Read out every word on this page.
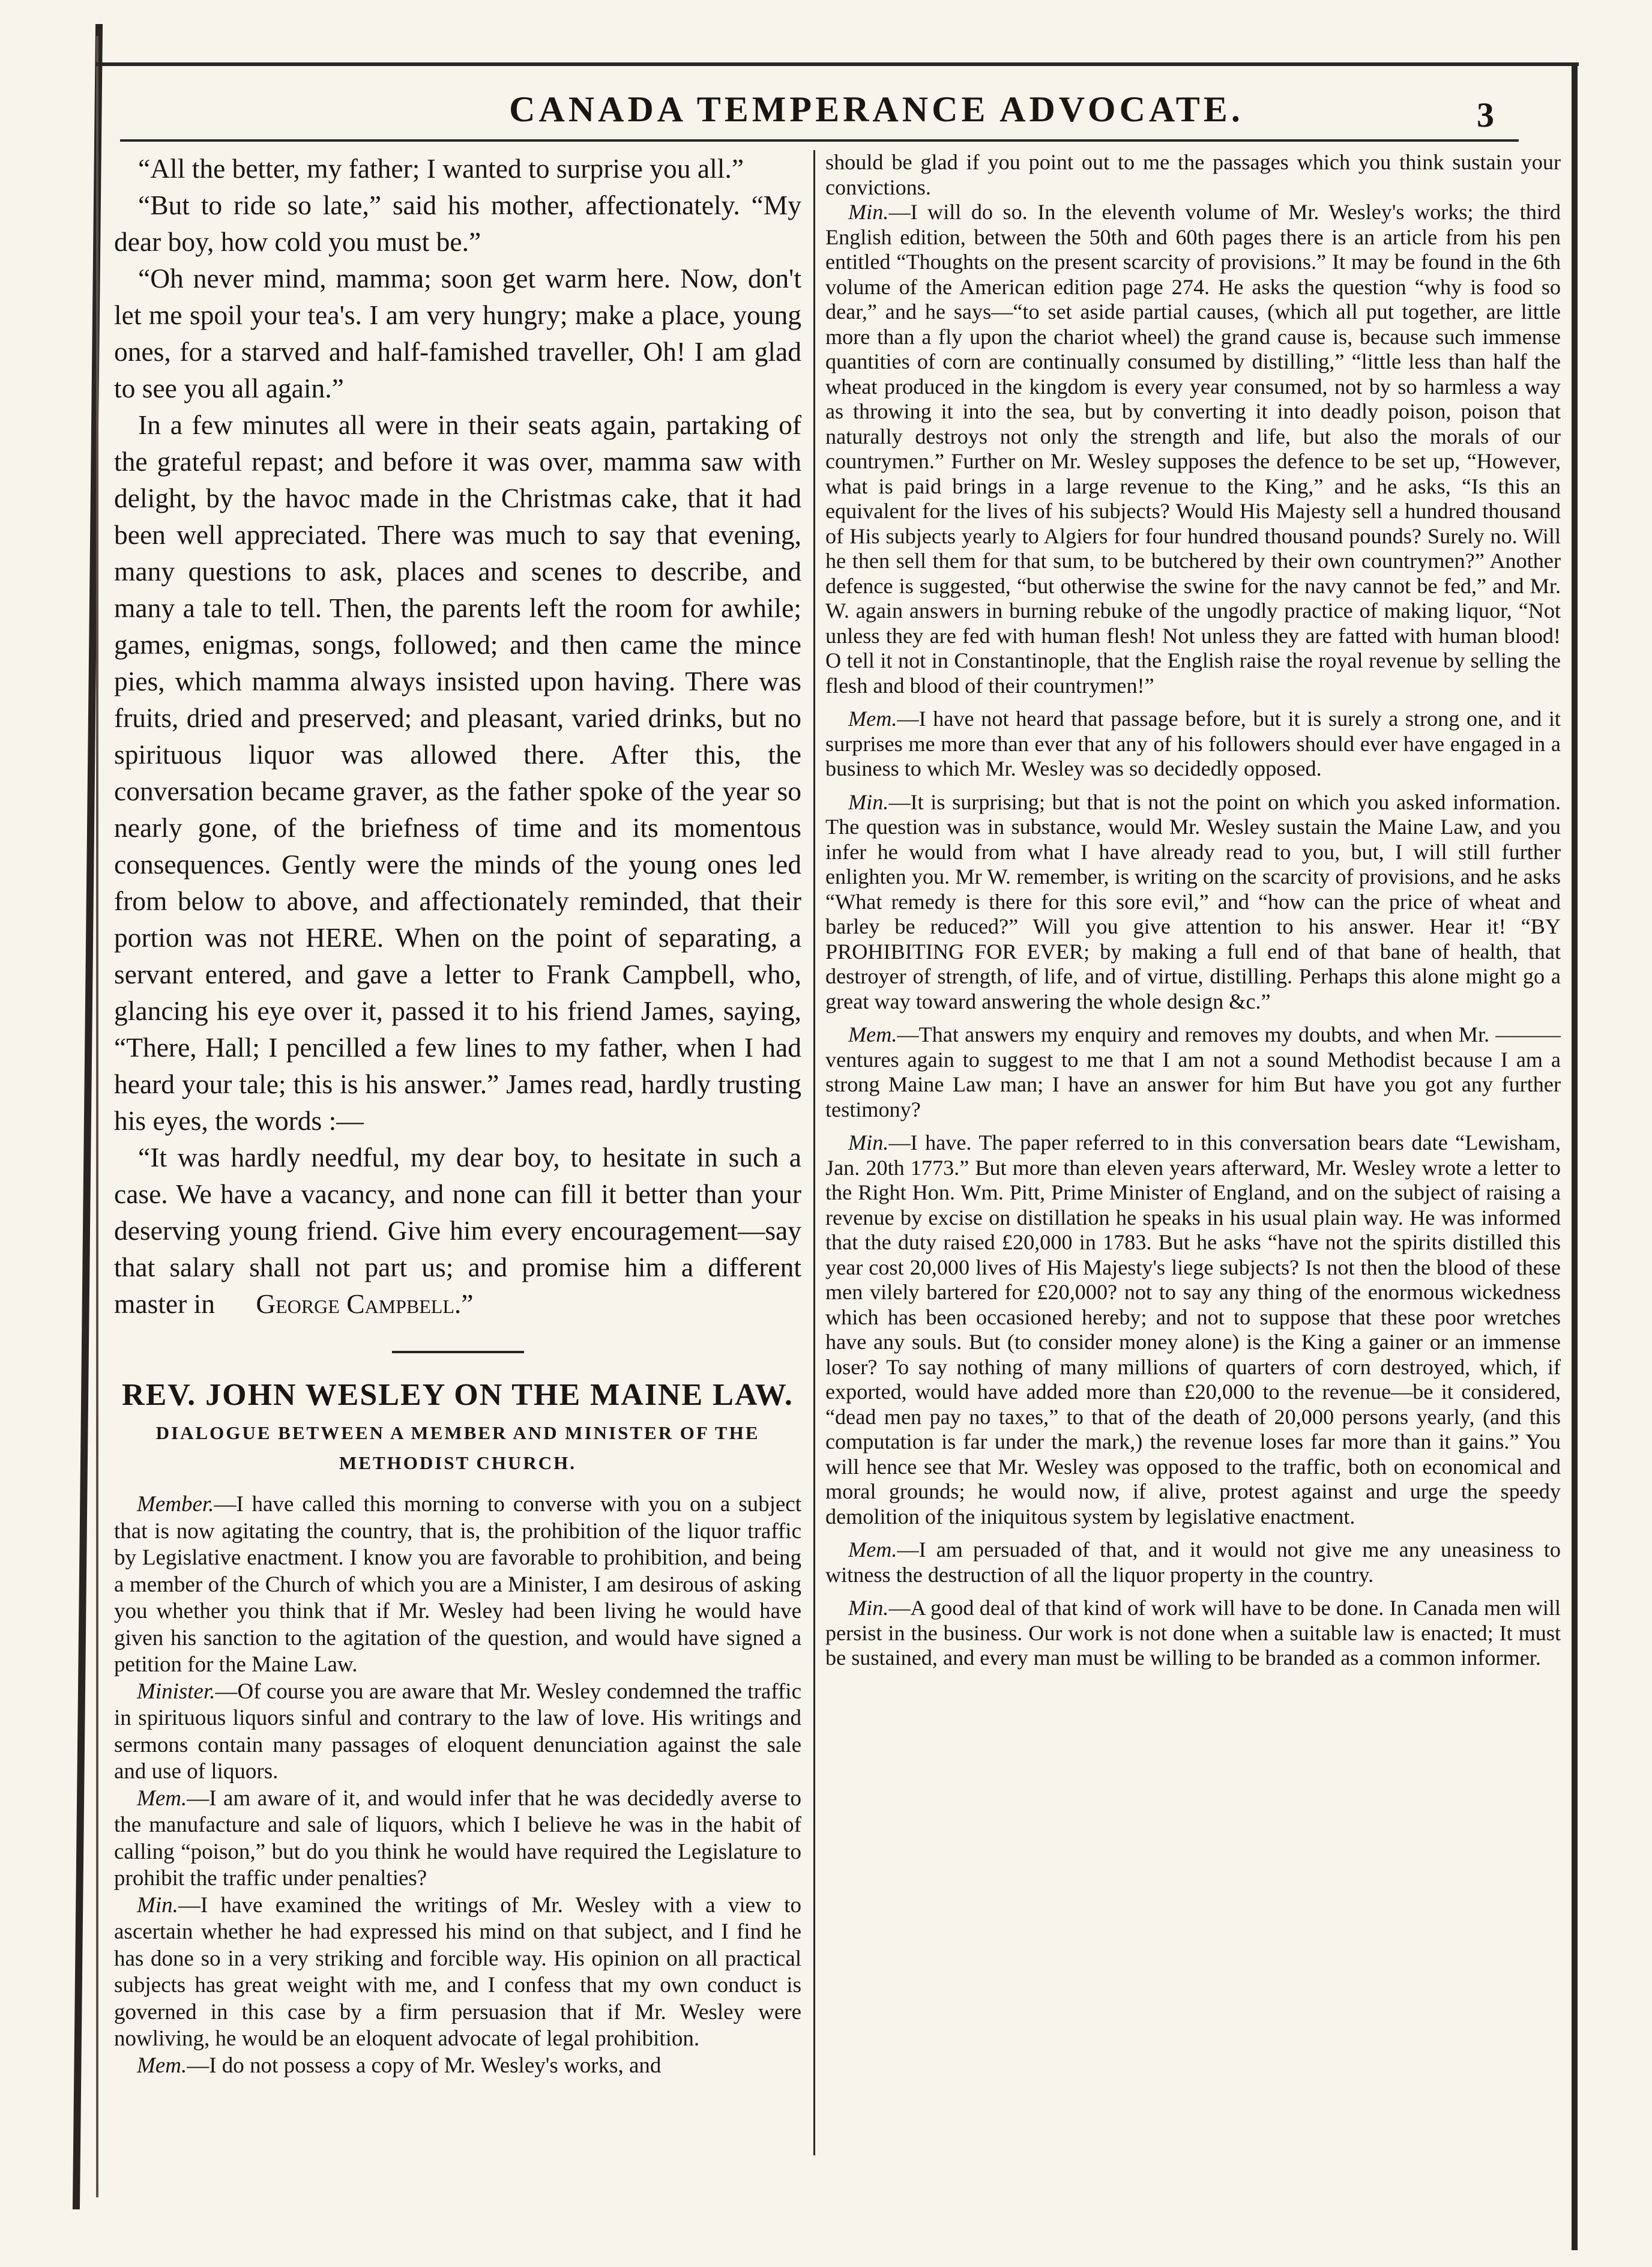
CANADA TEMPERANCE ADVOCATE.	3

“All the better, my father; I wanted to surprise you all.”

“But to ride so late,” said his mother, affectionately. “My dear boy, how cold you must be.”

“Oh never mind, mamma; soon get warm here. Now, don't let me spoil your tea's. I am very hungry; make a place, young ones, for a starved and half-famished traveller, Oh! I am glad to see you all again.”

In a few minutes all were in their seats again, partaking of the grateful repast; and before it was over, mamma saw with delight, by the havoc made in the Christmas cake, that it had been well appreciated. There was much to say that evening, many questions to ask, places and scenes to describe, and many a tale to tell. Then, the parents left the room for awhile; games, enigmas, songs, followed; and then came the mince pies, which mamma always insisted upon having. There was fruits, dried and preserved; and pleasant, varied drinks, but no spirituous liquor was allowed there. After this, the conversation became graver, as the father spoke of the year so nearly gone, of the briefness of time and its momentous consequences. Gently were the minds of the young ones led from below to above, and affectionately reminded, that their portion was not HERE. When on the point of separating, a servant entered, and gave a letter to Frank Campbell, who, glancing his eye over it, passed it to his friend James, saying, “There, Hall; I pencilled a few lines to my father, when I had heard your tale; this is his answer.” James read, hardly trusting his eyes, the words :—

“It was hardly needful, my dear boy, to hesitate in such a case. We have a vacancy, and none can fill it better than your deserving young friend. Give him every encouragement—say that salary shall not part us; and promise him a different master in George Campbell.”

REV. JOHN WESLEY ON THE MAINE LAW.
DIALOGUE BETWEEN A MEMBER AND MINISTER OF THE METHODIST CHURCH.

Member.—I have called this morning to converse with you on a subject that is now agitating the country, that is, the prohibition of the liquor traffic by Legislative enactment. I know you are favorable to prohibition, and being a member of the Church of which you are a Minister, I am desirous of asking you whether you think that if Mr. Wesley had been living he would have given his sanction to the agitation of the question, and would have signed a petition for the Maine Law.

Minister.—Of course you are aware that Mr. Wesley condemned the traffic in spirituous liquors sinful and contrary to the law of love. His writings and sermons contain many passages of eloquent denunciation against the sale and use of liquors.

Mem.—I am aware of it, and would infer that he was decidedly averse to the manufacture and sale of liquors, which I believe he was in the habit of calling “poison,” but do you think he would have required the Legislature to prohibit the traffic under penalties?

Min.—I have examined the writings of Mr. Wesley with a view to ascertain whether he had expressed his mind on that subject, and I find he has done so in a very striking and forcible way. His opinion on all practical subjects has great weight with me, and I confess that my own conduct is governed in this case by a firm persuasion that if Mr. Wesley were nowliving, he would be an eloquent advocate of legal prohibition.

Mem.—I do not possess a copy of Mr. Wesley's works, and

should be glad if you point out to me the passages which you think sustain your convictions.

Min.—I will do so. In the eleventh volume of Mr. Wesley's works; the third English edition, between the 50th and 60th pages there is an article from his pen entitled “Thoughts on the present scarcity of provisions.” It may be found in the 6th volume of the American edition page 274. He asks the question “why is food so dear,” and he says—“to set aside partial causes, (which all put together, are little more than a fly upon the chariot wheel) the grand cause is, because such immense quantities of corn are continually consumed by distilling,” “little less than half the wheat produced in the kingdom is every year consumed, not by so harmless a way as throwing it into the sea, but by converting it into deadly poison, poison that naturally destroys not only the strength and life, but also the morals of our countrymen.” Further on Mr. Wesley supposes the defence to be set up, “However, what is paid brings in a large revenue to the King,” and he asks, “Is this an equivalent for the lives of his subjects? Would His Majesty sell a hundred thousand of His subjects yearly to Algiers for four hundred thousand pounds? Surely no. Will he then sell them for that sum, to be butchered by their own countrymen?” Another defence is suggested, “but otherwise the swine for the navy cannot be fed,” and Mr. W. again answers in burning rebuke of the ungodly practice of making liquor, “Not unless they are fed with human flesh! Not unless they are fatted with human blood! O tell it not in Constantinople, that the English raise the royal revenue by selling the flesh and blood of their countrymen!”

Mem.—I have not heard that passage before, but it is surely a strong one, and it surprises me more than ever that any of his followers should ever have engaged in a business to which Mr. Wesley was so decidedly opposed.

Min.—It is surprising; but that is not the point on which you asked information. The question was in substance, would Mr. Wesley sustain the Maine Law, and you infer he would from what I have already read to you, but, I will still further enlighten you. Mr W. remember, is writing on the scarcity of provisions, and he asks “What remedy is there for this sore evil,” and “how can the price of wheat and barley be reduced?” Will you give attention to his answer. Hear it! “BY PROHIBITING FOR EVER; by making a full end of that bane of health, that destroyer of strength, of life, and of virtue, distilling. Perhaps this alone might go a great way toward answering the whole design &c.”

Mem.—That answers my enquiry and removes my doubts, and when Mr. ——— ventures again to suggest to me that I am not a sound Methodist because I am a strong Maine Law man; I have an answer for him But have you got any further testimony?

Min.—I have. The paper referred to in this conversation bears date “Lewisham, Jan. 20th 1773.” But more than eleven years afterward, Mr. Wesley wrote a letter to the Right Hon. Wm. Pitt, Prime Minister of England, and on the subject of raising a revenue by excise on distillation he speaks in his usual plain way. He was informed that the duty raised £20,000 in 1783. But he asks “have not the spirits distilled this year cost 20,000 lives of His Majesty's liege subjects? Is not then the blood of these men vilely bartered for £20,000? not to say any thing of the enormous wickedness which has been occasioned hereby; and not to suppose that these poor wretches have any souls. But (to consider money alone) is the King a gainer or an immense loser? To say nothing of many millions of quarters of corn destroyed, which, if exported, would have added more than £20,000 to the revenue—be it considered, “dead men pay no taxes,” to that of the death of 20,000 persons yearly, (and this computation is far under the mark,) the revenue loses far more than it gains.” You will hence see that Mr. Wesley was opposed to the traffic, both on economical and moral grounds; he would now, if alive, protest against and urge the speedy demolition of the iniquitous system by legislative enactment.

Mem.—I am persuaded of that, and it would not give me any uneasiness to witness the destruction of all the liquor property in the country.

Min.—A good deal of that kind of work will have to be done. In Canada men will persist in the business. Our work is not done when a suitable law is enacted; It must be sustained, and every man must be willing to be branded as a common informer.
